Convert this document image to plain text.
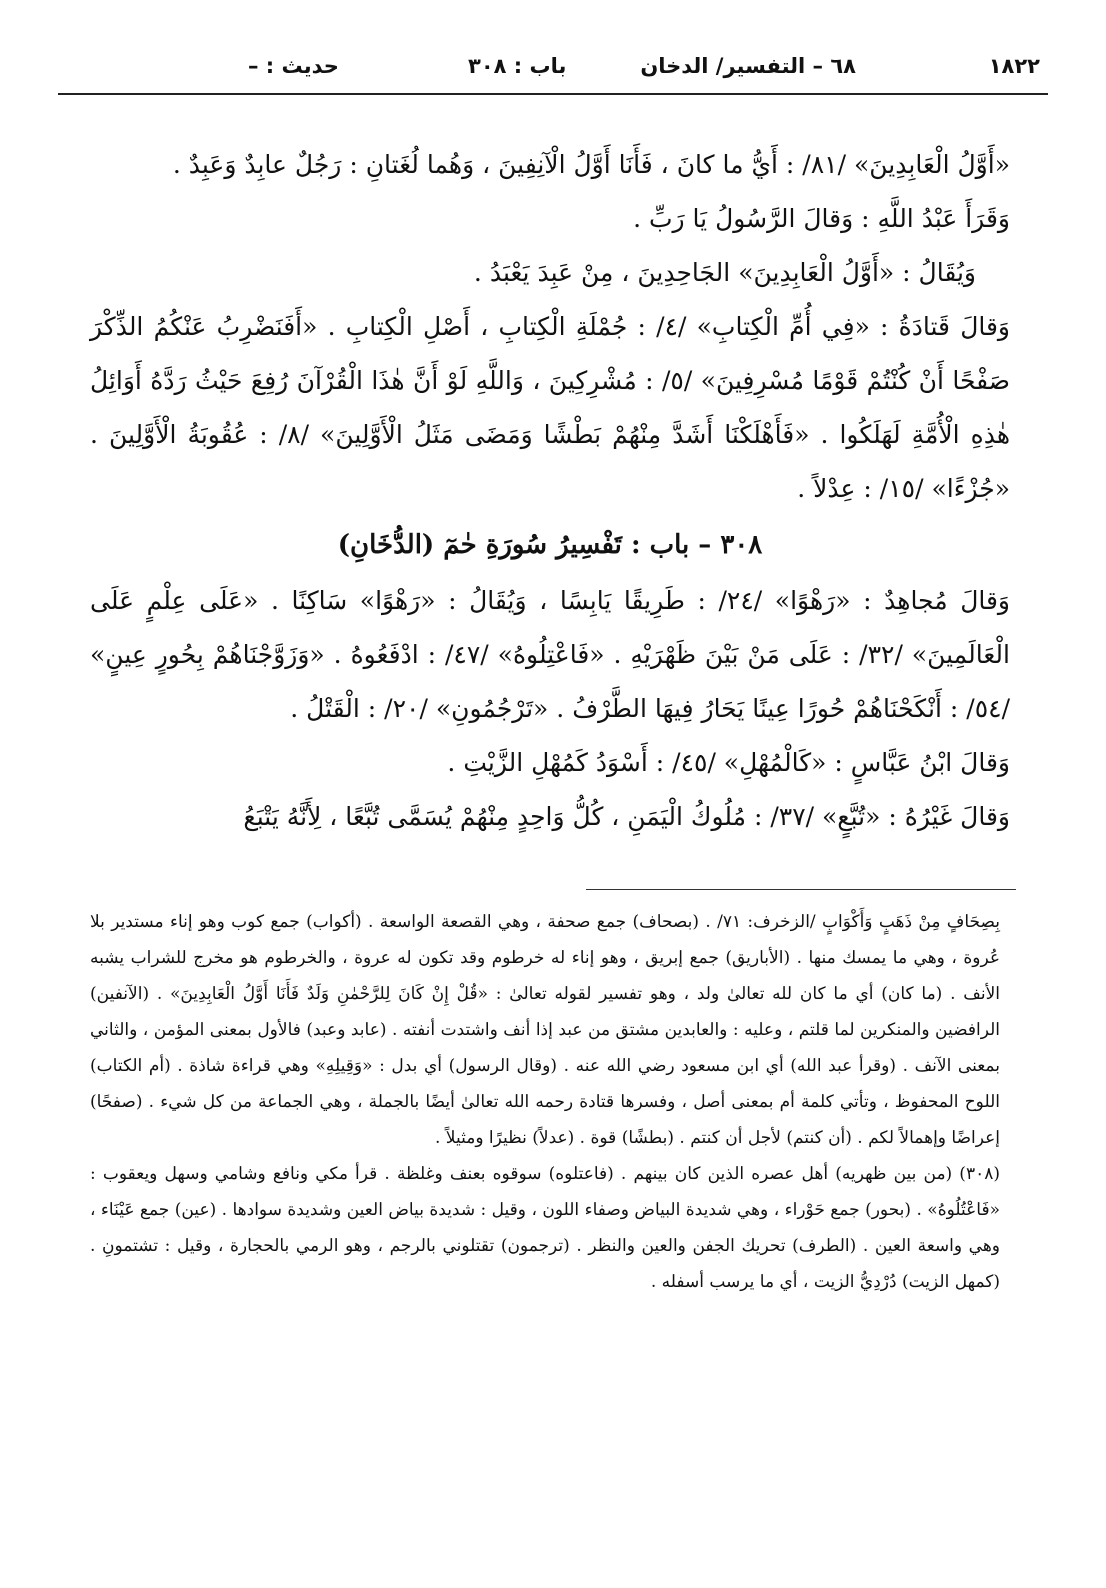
١٨٢٢
٦٨ – التفسير/ الدخان
باب : ٣٠٨
حديث : –

«أَوَّلُ الْعَابِدِينَ» /٨١/ : أَيُّ ما كانَ ، فَأَنَا أَوَّلُ الْآنِفِينَ ، وَهُما لُغَتانِ : رَجُلٌ عابِدٌ وَعَبِدٌ .

وَقَرَأَ عَبْدُ اللَّهِ : وَقالَ الرَّسُولُ يَا رَبِّ .

وَيُقَالُ : «أَوَّلُ الْعَابِدِينَ» الجَاحِدِينَ ، مِنْ عَبِدَ يَعْبَدُ .

وَقالَ قَتادَةُ : «فِي أُمِّ الْكِتابِ» /٤/ : جُمْلَةِ الْكِتابِ ، أَصْلِ الْكِتابِ . «أَفَنَضْرِبُ عَنْكُمُ الذِّكْرَ صَفْحًا أَنْ كُنْتُمْ قَوْمًا مُسْرِفِينَ» /٥/ : مُشْرِكِينَ ، وَاللَّهِ لَوْ أَنَّ هٰذَا الْقُرْآنَ رُفِعَ حَيْثُ رَدَّهُ أَوَائِلُ هٰذِهِ الْأُمَّةِ لَهَلَكُوا . «فَأَهْلَكْنَا أَشَدَّ مِنْهُمْ بَطْشًا وَمَضَى مَثَلُ الْأَوَّلِينَ» /٨/ : عُقُوبَةُ الْأَوَّلِينَ . «جُزْءًا» /١٥/ : عِدْلاً .

٣٠٨ – باب : تَفْسِيرُ سُورَةِ حٰمٓ (الدُّخَانِ)

وَقالَ مُجاهِدٌ : «رَهْوًا» /٢٤/ : طَرِيقًا يَابِسًا ، وَيُقَالُ : «رَهْوًا» سَاكِنًا . «عَلَى عِلْمٍ عَلَى الْعَالَمِينَ» /٣٢/ : عَلَى مَنْ بَيْنَ ظَهْرَيْهِ . «فَاعْتِلُوهُ» /٤٧/ : ادْفَعُوهُ . «وَزَوَّجْنَاهُمْ بِحُورٍ عِينٍ» /٥٤/ : أَنْكَحْنَاهُمْ حُورًا عِينًا يَحَارُ فِيهَا الطَّرْفُ . «تَرْجُمُونِ» /٢٠/ : الْقَتْلُ .

وَقالَ ابْنُ عَبَّاسٍ : «كَالْمُهْلِ» /٤٥/ : أَسْوَدُ كَمُهْلِ الزَّيْتِ .

وَقالَ غَيْرُهُ : «تُبَّعٍ» /٣٧/ : مُلُوكُ الْيَمَنِ ، كُلُّ وَاحِدٍ مِنْهُمْ يُسَمَّى تُبَّعًا ، لِأَنَّهُ يَتْبَعُ

بِصِحَافٍ مِنْ ذَهَبٍ وَأَكْوَابٍ /الزخرف: ٧١/ . (بصحاف) جمع صحفة ، وهي القصعة الواسعة . (أكواب) جمع كوب وهو إناء مستدير بلا عُروة ، وهي ما يمسك منها . (الأباريق) جمع إبريق ، وهو إناء له خرطوم وقد تكون له عروة ، والخرطوم هو مخرج للشراب يشبه الأنف . (ما كان) أي ما كان لله تعالىٰ ولد ، وهو تفسير لقوله تعالىٰ : «قُلْ إِنْ كَانَ لِلرَّحْمٰنِ وَلَدٌ فَأَنَا أَوَّلُ الْعَابِدِينَ» . (الآنفين) الرافضين والمنكرين لما قلتم ، وعليه : والعابدين مشتق من عبد إذا أنف واشتدت أنفته . (عابد وعبد) فالأول بمعنى المؤمن ، والثاني بمعنى الآنف . (وقرأ عبد الله) أي ابن مسعود رضي الله عنه . (وقال الرسول) أي بدل : «وَقِيلِهِ» وهي قراءة شاذة . (أم الكتاب) اللوح المحفوظ ، وتأتي كلمة أم بمعنى أصل ، وفسرها قتادة رحمه الله تعالىٰ أيضًا بالجملة ، وهي الجماعة من كل شيء . (صفحًا) إعراضًا وإهمالاً لكم . (أن كنتم) لأجل أن كنتم . (بطشًا) قوة . (عدلاً) نظيرًا ومثيلاً .

(٣٠٨) (من بين ظهريه) أهل عصره الذين كان بينهم . (فاعتلوه) سوقوه بعنف وغلظة . قرأ مكي ونافع وشامي وسهل ويعقوب : «فَاعْتُلُوهُ» . (بحور) جمع حَوْراء ، وهي شديدة البياض وصفاء اللون ، وقيل : شديدة بياض العين وشديدة سوادها . (عين) جمع عَيْنَاء ، وهي واسعة العين . (الطرف) تحريك الجفن والعين والنظر . (ترجمون) تقتلوني بالرجم ، وهو الرمي بالحجارة ، وقيل : تشتمونِ . (كمهل الزيت) دُرْدِيُّ الزيت ، أي ما يرسب أسفله .
